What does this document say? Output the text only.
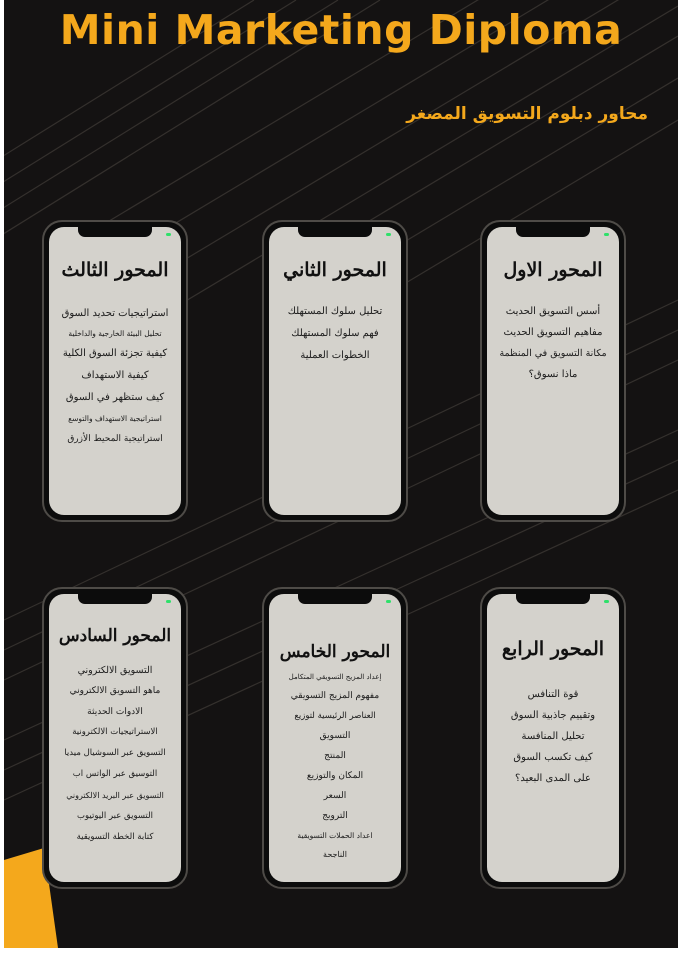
Mini Marketing Diploma
محاور دبلوم التسويق المصغر
المحور الثالث
استراتيجيات تحديد السوق
تحليل البيئة الخارجية والداخلية
كيفية تجزئة السوق الكلية
كيفية الاستهداف
كيف ستظهر في السوق
استراتيجية الاستهداف والتوسع
استراتيجية المحيط الأزرق
المحور الثاني
تحليل سلوك المستهلك
فهم سلوك المستهلك
الخطوات العملية
المحور الاول
أسس التسويق الحديث
مفاهيم التسويق الحديث
مكانة التسويق في المنظمة
ماذا نسوق؟
المحور السادس
التسويق الالكتروني
ماهو التسويق الالكتروني
الادوات الحديثة
الاستراتيجيات الالكترونية
التسويق عبر السوشيال ميديا
التوسيق عبر الواتس اب
التسويق عبر البريد الالكتروني
التسويق عبر اليوتيوب
كتابة الخطة التسويقية
المحور الخامس
إعداد المزيج التسويقي المتكامل
مفهوم المزيج التسويقي
العناصر الرئيسية لتوزيع
التسويق
المنتج
المكان والتوزيع
السعر
الترويج
اعداد الحملات التسويقية
الناجحة
المحور الرابع
قوة التنافس
وتقييم جاذبية السوق
تحليل المنافسة
كيف تكسب السوق
على المدى البعيد؟
